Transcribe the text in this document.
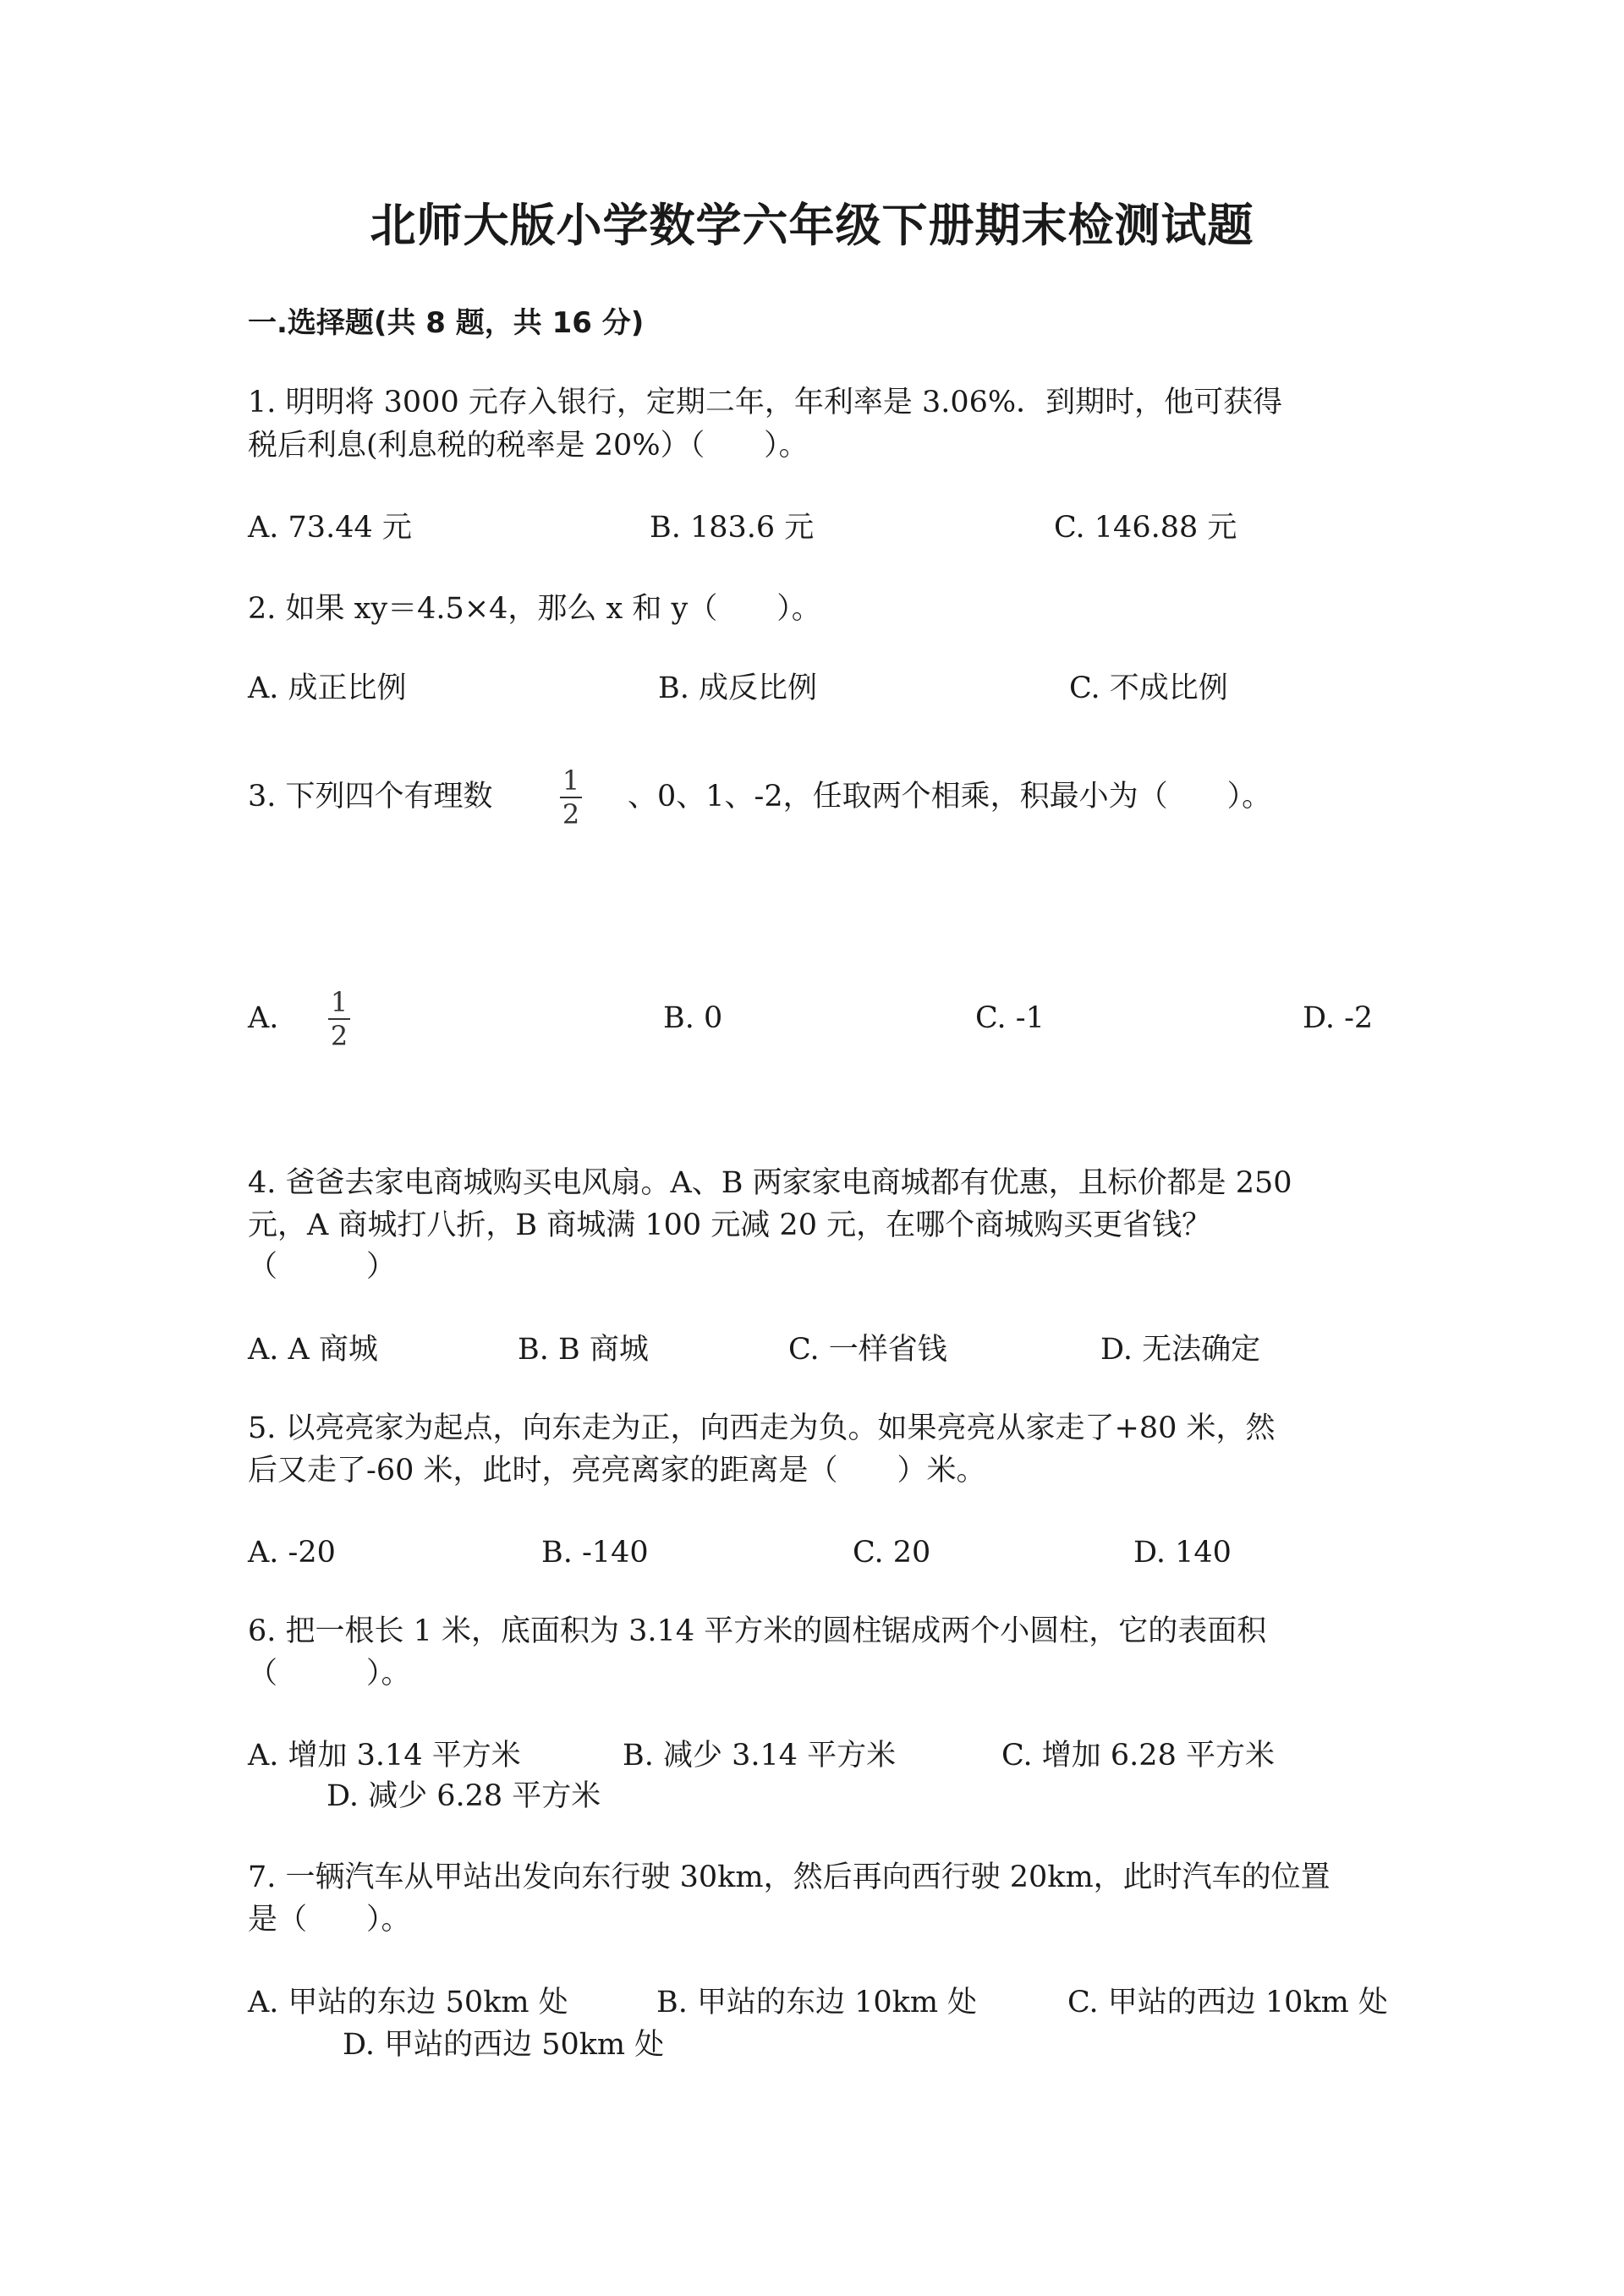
北师大版小学数学六年级下册期末检测试题
一.选择题(共 8 题，共 16 分)
1. 明明将 3000 元存入银行，定期二年，年利率是 3.06%．到期时，他可获得
税后利息(利息税的税率是 20%）（　　）。
A. 73.44 元	B. 183.6 元	C. 146.88 元
2. 如果 xy＝4.5×4，那么 x 和 y（　　）。
A. 成正比例	B. 成反比例	C. 不成比例
3. 下列四个有理数	1
2
、0、1、-2，任取两个相乘，积最小为（　　）。
A. 1
2
B. 0	C. -1	D. -2
4. 爸爸去家电商城购买电风扇。A、B 两家家电商城都有优惠，且标价都是 250
元，A 商城打八折，B 商城满 100 元减 20 元，在哪个商城购买更省钱？
（　　　）
A. A 商城	B. B 商城	C. 一样省钱	D. 无法确定
5. 以亮亮家为起点，向东走为正，向西走为负。如果亮亮从家走了+80 米，然
后又走了-60 米，此时，亮亮离家的距离是（　　）米。
A. -20	B. -140	C. 20	D. 140
6. 把一根长 1 米，底面积为 3.14 平方米的圆柱锯成两个小圆柱，它的表面积
（　　　）。
A. 增加 3.14 平方米	B. 减少 3.14 平方米	C. 增加 6.28 平方米
D. 减少 6.28 平方米
7. 一辆汽车从甲站出发向东行驶 30km，然后再向西行驶 20km，此时汽车的位置
是（　　）。
A. 甲站的东边 50km 处	B. 甲站的东边 10km 处	C. 甲站的西边 10km 处
D. 甲站的西边 50km 处
